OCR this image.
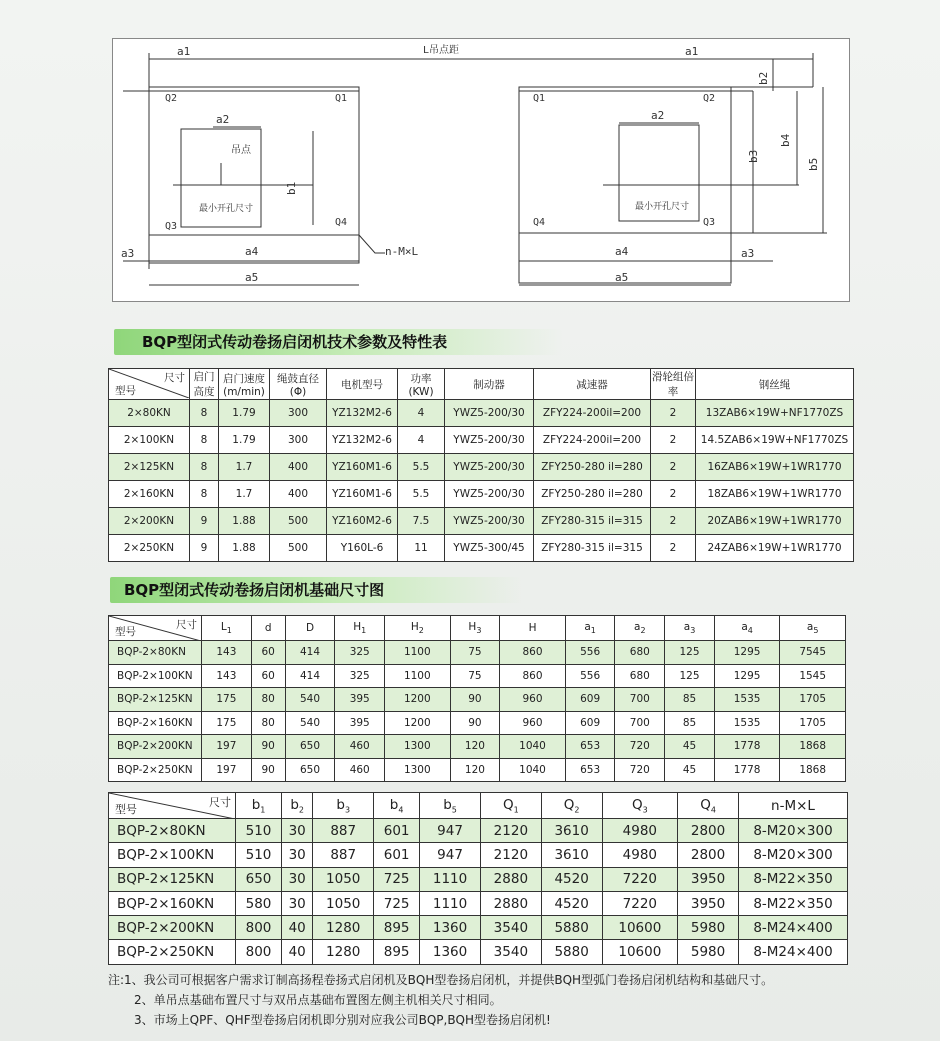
L吊点距
a1	a1
Q2	Q1
a2
吊点
b1
最小开孔尺寸
Q3	Q4
a3	a4
a5
n-M×L
Q1	Q2
a2
最小开孔尺寸
Q4	Q3
a4	a3
a5
b2
b3
b4
b5
BQP型闭式传动卷扬启闭机技术参数及特性表
尺寸
型号	启门高度	启门速度(m/min)	绳鼓直径(Φ)	电机型号	功率(KW)	制动器	减速器	滑轮组倍率	钢丝绳
2×80KN	8	1.79	300	YZ132M2-6	4	YWZ5-200/30	ZFY224-200il=200	2	13ZAB6×19W+NF1770ZS
2×100KN	8	1.79	300	YZ132M2-6	4	YWZ5-200/30	ZFY224-200il=200	2	14.5ZAB6×19W+NF1770ZS
2×125KN	8	1.7	400	YZ160M1-6	5.5	YWZ5-200/30	ZFY250-280 il=280	2	16ZAB6×19W+1WR1770
2×160KN	8	1.7	400	YZ160M1-6	5.5	YWZ5-200/30	ZFY250-280 il=280	2	18ZAB6×19W+1WR1770
2×200KN	9	1.88	500	YZ160M2-6	7.5	YWZ5-200/30	ZFY280-315 il=315	2	20ZAB6×19W+1WR1770
2×250KN	9	1.88	500	Y160L-6	11	YWZ5-300/45	ZFY280-315 il=315	2	24ZAB6×19W+1WR1770
BQP型闭式传动卷扬启闭机基础尺寸图
尺寸
型号	$L_1$	d	D	$H_1$	$H_2$	$H_3$	H	$a_1$	$a_2$	$a_3$	$a_4$	$a_5$
BQP-2×80KN	143	60	414	325	1100	75	860	556	680	125	1295	7545
BQP-2×100KN	143	60	414	325	1100	75	860	556	680	125	1295	1545
BQP-2×125KN	175	80	540	395	1200	90	960	609	700	85	1535	1705
BQP-2×160KN	175	80	540	395	1200	90	960	609	700	85	1535	1705
BQP-2×200KN	197	90	650	460	1300	120	1040	653	720	45	1778	1868
BQP-2×250KN	197	90	650	460	1300	120	1040	653	720	45	1778	1868
尺寸
型号	$b_1$	$b_2$	$b_3$	$b_4$	$b_5$	$Q_1$	$Q_2$	$Q_3$	$Q_4$	n-M×L
BQP-2×80KN	510	30	887	601	947	2120	3610	4980	2800	8-M20×300
BQP-2×100KN	510	30	887	601	947	2120	3610	4980	2800	8-M20×300
BQP-2×125KN	650	30	1050	725	1110	2880	4520	7220	3950	8-M22×350
BQP-2×160KN	580	30	1050	725	1110	2880	4520	7220	3950	8-M22×350
BQP-2×200KN	800	40	1280	895	1360	3540	5880	10600	5980	8-M24×400
BQP-2×250KN	800	40	1280	895	1360	3540	5880	10600	5980	8-M24×400
注:1、我公司可根据客户需求订制高扬程卷扬式启闭机及BQH型卷扬启闭机，并提供BQH型弧门卷扬启闭机结构和基础尺寸。
2、单吊点基础布置尺寸与双吊点基础布置图左侧主机相关尺寸相同。
3、市场上QPF、QHF型卷扬启闭机即分别对应我公司BQP,BQH型卷扬启闭机!
